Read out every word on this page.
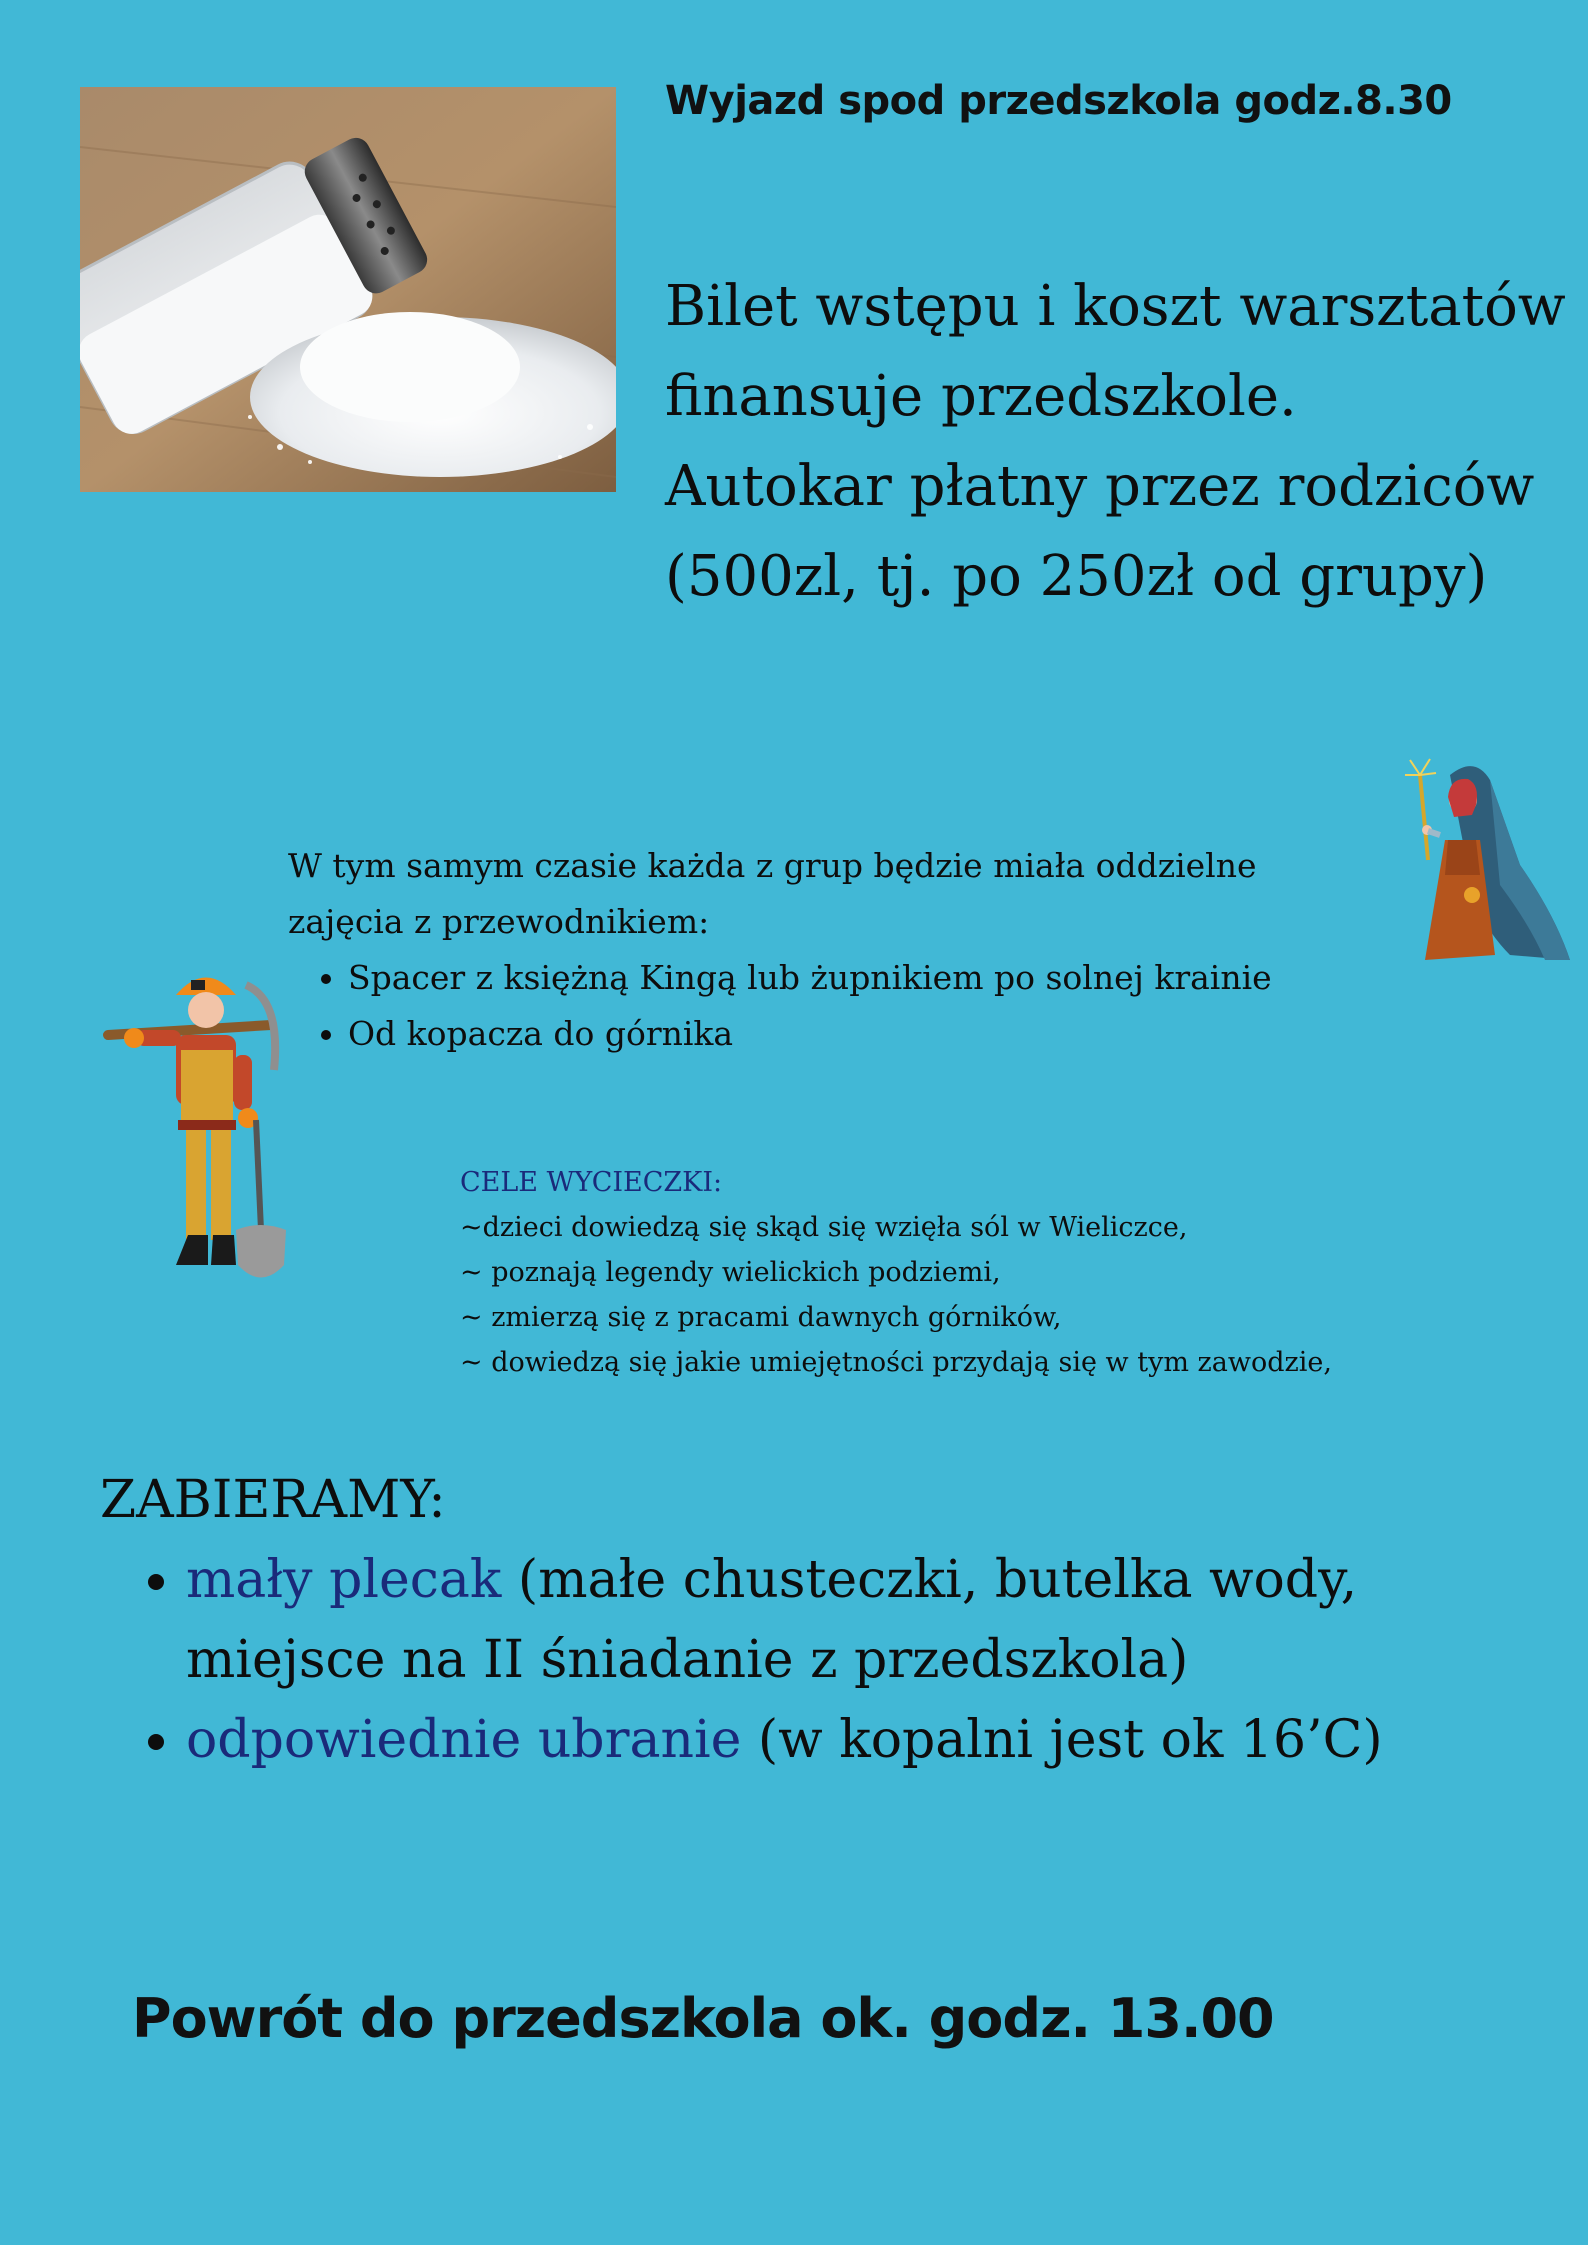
Wyjazd spod przedszkola godz.8.30
Bilet wstępu i koszt warsztatów
finansuje przedszkole.
Autokar płatny przez rodziców
(500zl, tj. po 250zł od grupy)
W tym samym czasie każda z grup będzie miała oddzielne
zajęcia z przewodnikiem:
• Spacer z księżną Kingą lub żupnikiem po solnej krainie
• Od kopacza do górnika
CELE WYCIECZKI:
~dzieci dowiedzą się skąd się wzięła sól w Wieliczce,
~ poznają legendy wielickich podziemi,
~ zmierzą się z pracami dawnych górników,
~ dowiedzą się jakie umiejętności przydają się w tym zawodzie,
ZABIERAMY:
• mały plecak (małe chusteczki, butelka wody,
miejsce na II śniadanie z przedszkola)
• odpowiednie ubranie (w kopalni jest ok 16’C)
Powrót do przedszkola ok. godz. 13.00
